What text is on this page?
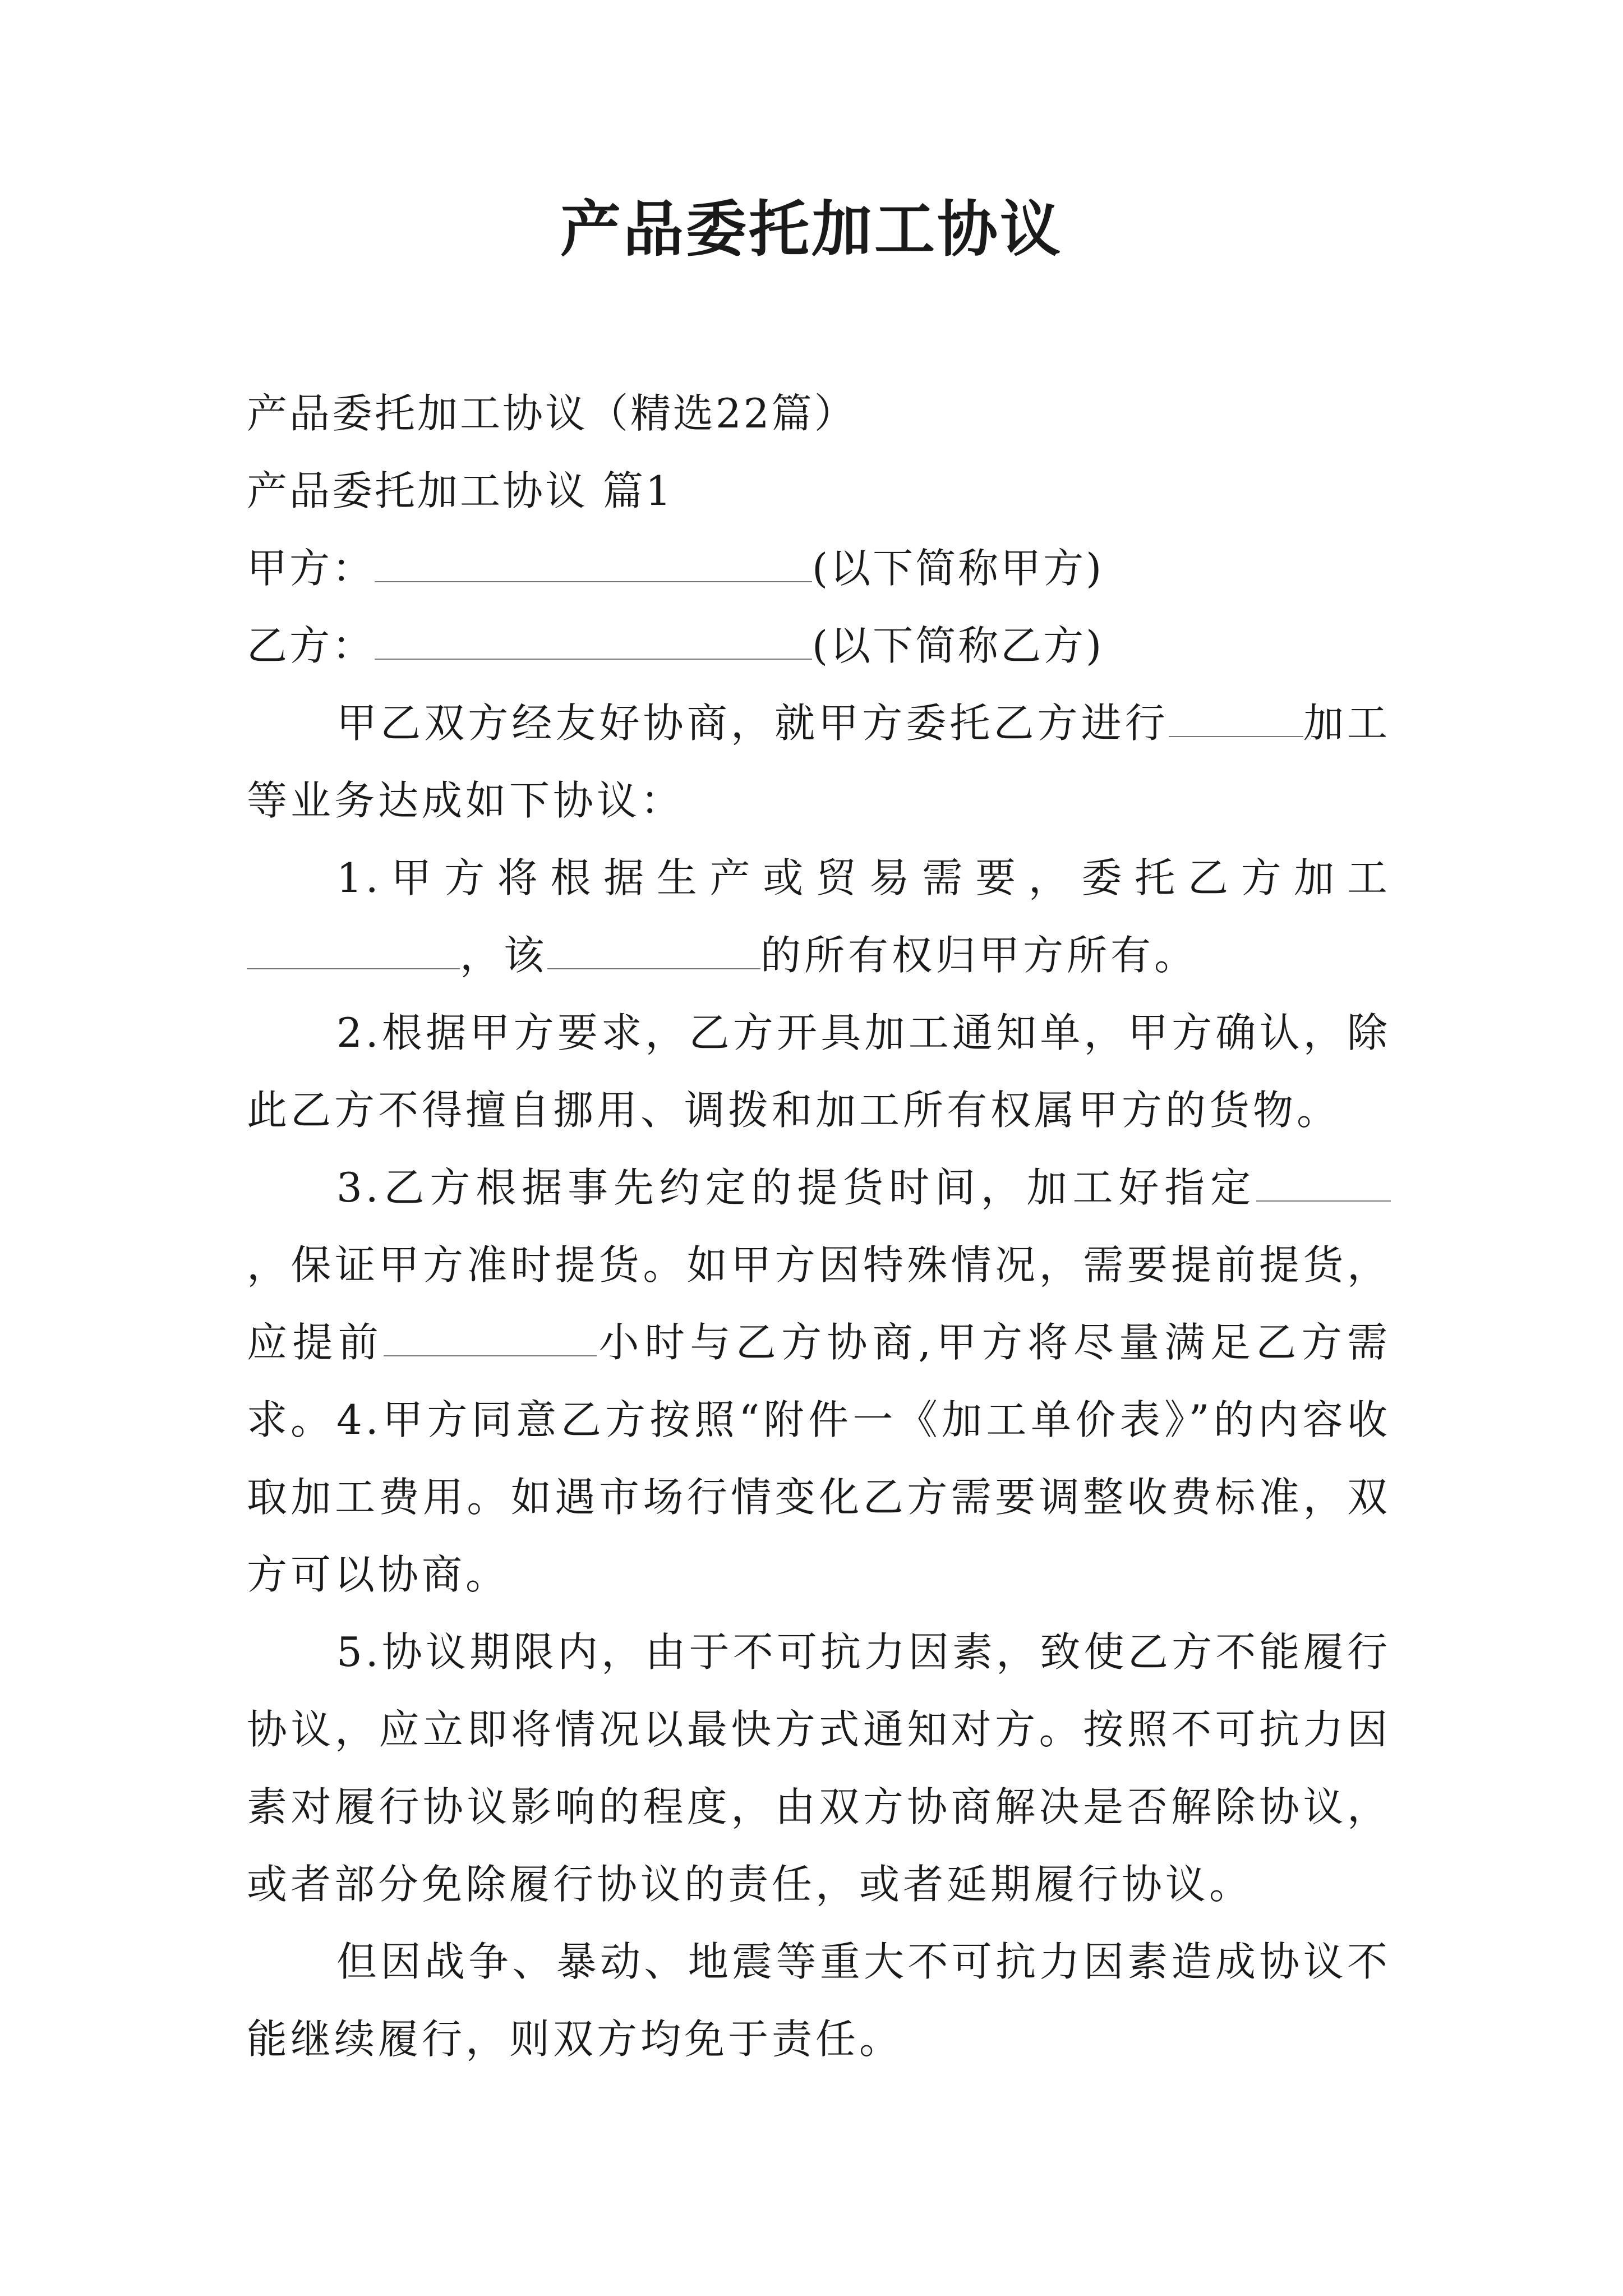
产品委托加工协议

产品委托加工协议（精选22篇）

产品委托加工协议 篇1

甲方：	(以下简称甲方)

乙方：	(以下简称乙方)

甲乙双方经友好协商，就甲方委托乙方进行	加工等业务达成如下协议：

1.甲方将根据生产或贸易需要，委托乙方加工，该	的所有权归甲方所有。

2.根据甲方要求，乙方开具加工通知单，甲方确认，除此乙方不得擅自挪用、调拨和加工所有权属甲方的货物。

3.乙方根据事先约定的提货时间，加工好指定，保证甲方准时提货。如甲方因特殊情况，需要提前提货，应提前	小时与乙方协商,甲方将尽量满足乙方需求。 4.甲方同意乙方按照“附件一《加工单价表》”的内容收取加工费用。如遇市场行情变化乙方需要调整收费标准，双方可以协商。

5.协议期限内，由于不可抗力因素，致使乙方不能履行协议，应立即将情况以最快方式通知对方。按照不可抗力因素对履行协议影响的程度，由双方协商解决是否解除协议，或者部分免除履行协议的责任，或者延期履行协议。

但因战争、暴动、地震等重大不可抗力因素造成协议不能继续履行，则双方均免于责任。
